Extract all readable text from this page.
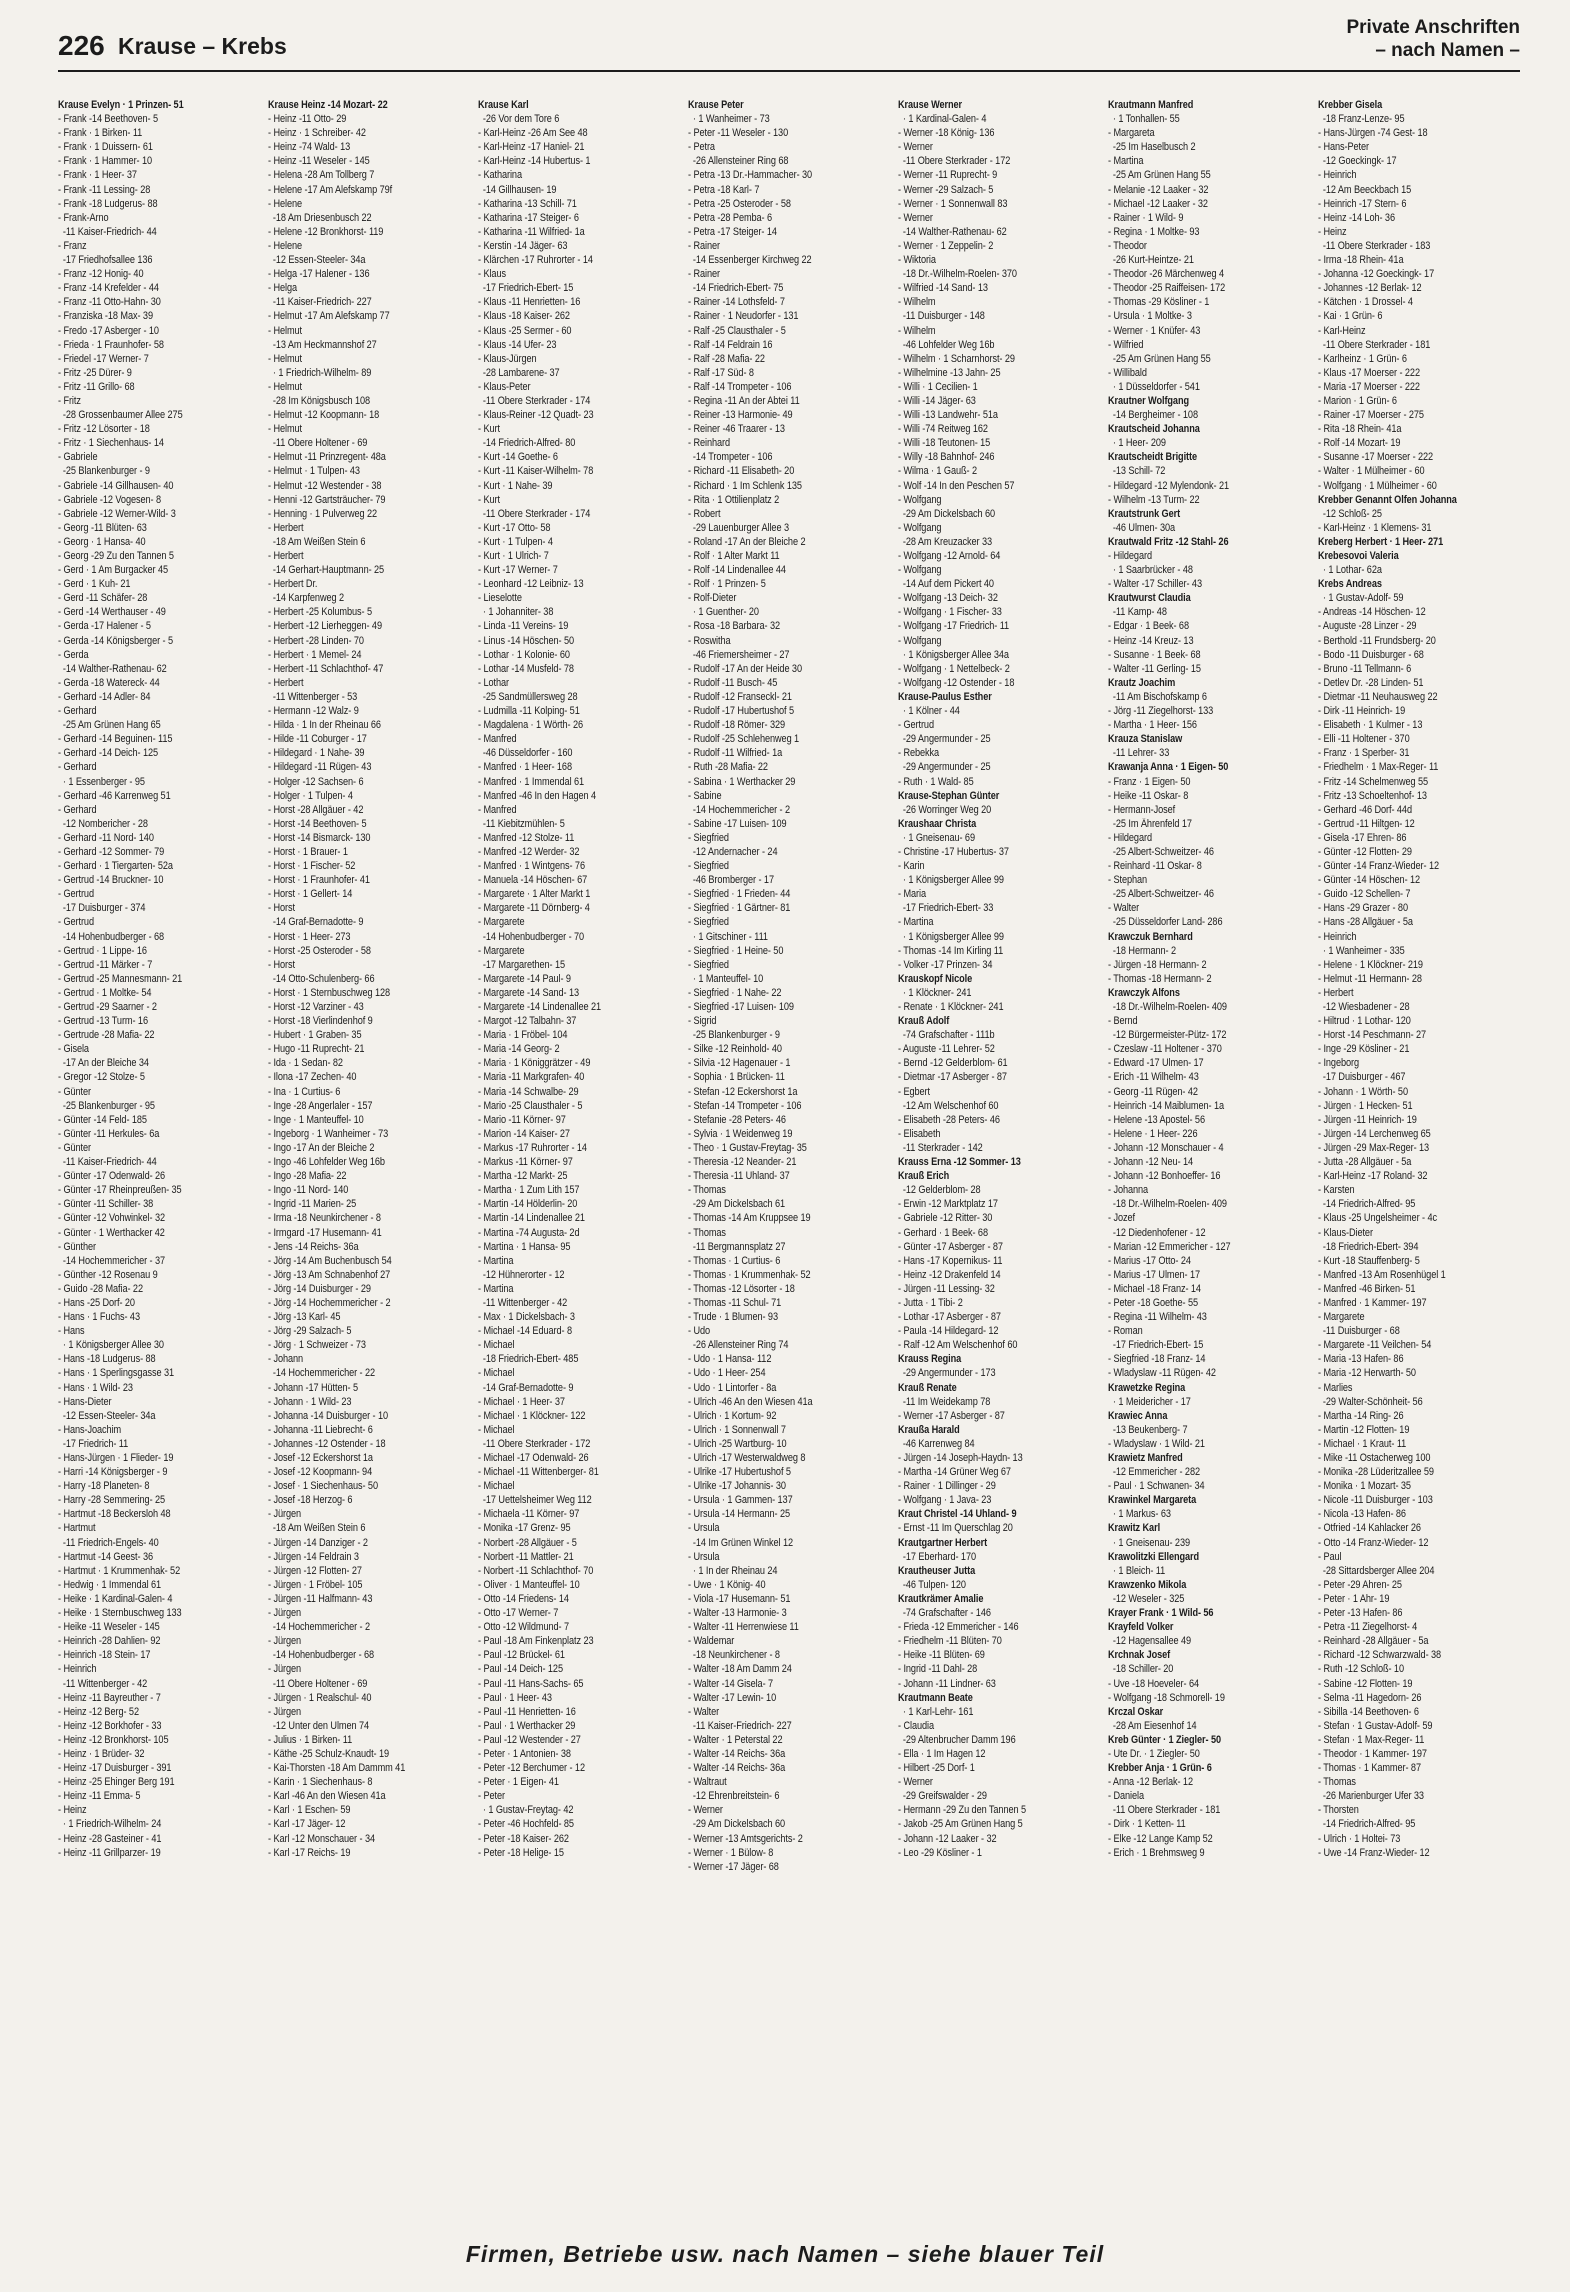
226 Krause – Krebs
Private Anschriften
– nach Namen –
Krause Evelyn · 1 Prinzen- 51
- Frank -14 Beethoven- 5
- Frank · 1 Birken- 11
- Frank · 1 Duissern- 61
- Frank · 1 Hammer- 10
- Frank · 1 Heer- 37
- Frank -11 Lessing- 28
- Frank -18 Ludgerus- 88
- Frank-Arno
-11 Kaiser-Friedrich- 44
- Franz
-17 Friedhofsallee 136
- Franz -12 Honig- 40
- Franz -14 Krefelder - 44
- Franz -11 Otto-Hahn- 30
- Franziska -18 Max- 39
- Fredo -17 Asberger - 10
- Frieda · 1 Fraunhofer- 58
- Friedel -17 Werner- 7
- Fritz -25 Dürer- 9
- Fritz -11 Grillo- 68
- Fritz
-28 Grossenbaumer Allee 275
- Fritz -12 Lösorter - 18
- Fritz · 1 Siechenhaus- 14
- Gabriele
-25 Blankenburger - 9
- Gabriele -14 Gillhausen- 40
- Gabriele -12 Vogesen- 8
- Gabriele -12 Werner-Wild- 3
- Georg -11 Blüten- 63
- Georg · 1 Hansa- 40
- Georg -29 Zu den Tannen 5
- Gerd · 1 Am Burgacker 45
- Gerd · 1 Kuh- 21
- Gerd -11 Schäfer- 28
- Gerd -14 Werthauser - 49
- Gerda -17 Halener - 5
- Gerda -14 Königsberger - 5
- Gerda
-14 Walther-Rathenau- 62
- Gerda -18 Watereck- 44
- Gerhard -14 Adler- 84
- Gerhard
-25 Am Grünen Hang 65
- Gerhard -14 Beguinen- 115
- Gerhard -14 Deich- 125
- Gerhard
· 1 Essenberger - 95
- Gerhard -46 Karrenweg 51
- Gerhard
-12 Nombericher - 28
- Gerhard -11 Nord- 140
- Gerhard -12 Sommer- 79
- Gerhard · 1 Tiergarten- 52a
- Gertrud -14 Bruckner- 10
- Gertrud
-17 Duisburger - 374
- Gertrud
-14 Hohenbudberger - 68
- Gertrud · 1 Lippe- 16
- Gertrud -11 Märker - 7
- Gertrud -25 Mannesmann- 21
- Gertrud · 1 Moltke- 54
- Gertrud -29 Saarner - 2
- Gertrud -13 Turm- 16
- Gertrude -28 Mafia- 22
- Gisela
-17 An der Bleiche 34
- Gregor -12 Stolze- 5
- Günter
-25 Blankenburger - 95
- Günter -14 Feld- 185
- Günter -11 Herkules- 6a
- Günter
-11 Kaiser-Friedrich- 44
- Günter -17 Odenwald- 26
- Günter -17 Rheinpreußen- 35
- Günter -11 Schiller- 38
- Günter -12 Vohwinkel- 32
- Günter · 1 Werthacker 42
- Günther
-14 Hochemmericher - 37
- Günther -12 Rosenau 9
- Guido -28 Mafia- 22
- Hans -25 Dorf- 20
- Hans · 1 Fuchs- 43
- Hans
· 1 Königsberger Allee 30
- Hans -18 Ludgerus- 88
- Hans · 1 Sperlingsgasse 31
- Hans · 1 Wild- 23
- Hans-Dieter
-12 Essen-Steeler- 34a
- Hans-Joachim
-17 Friedrich- 11
- Hans-Jürgen · 1 Flieder- 19
- Harri -14 Königsberger - 9
- Harry -18 Planeten- 8
- Harry -28 Semmering- 25
- Hartmut -18 Beckersloh 48
- Hartmut
-11 Friedrich-Engels- 40
- Hartmut -14 Geest- 36
- Hartmut · 1 Krummenhak- 52
- Hedwig · 1 Immendal 61
- Heike · 1 Kardinal-Galen- 4
- Heike · 1 Sternbuschweg 133
- Heike -11 Weseler - 145
- Heinrich -28 Dahlien- 92
- Heinrich -18 Stein- 17
- Heinrich
-11 Wittenberger - 42
- Heinz -11 Bayreuther - 7
- Heinz -12 Berg- 52
- Heinz -12 Borkhofer - 33
- Heinz -12 Bronkhorst- 105
- Heinz · 1 Brüder- 32
- Heinz -17 Duisburger - 391
- Heinz -25 Ehinger Berg 191
- Heinz -11 Emma- 5
- Heinz
· 1 Friedrich-Wilhelm- 24
- Heinz -28 Gasteiner - 41
- Heinz -11 Grillparzer- 19
Krause Heinz -14 Mozart- 22
- Heinz -11 Otto- 29
- Heinz · 1 Schreiber- 42
- Heinz -74 Wald- 13
- Heinz -11 Weseler - 145
- Helena -28 Am Tollberg 7
- Helene -17 Am Alefskamp 79f
- Helene
-18 Am Driesenbusch 22
- Helene -12 Bronkhorst- 119
- Helene
-12 Essen-Steeler- 34a
- Helga -17 Halener - 136
- Helga
-11 Kaiser-Friedrich- 227
- Helmut -17 Am Alefskamp 77
- Helmut
-13 Am Heckmannshof 27
- Helmut
· 1 Friedrich-Wilhelm- 89
- Helmut
-28 Im Königsbusch 108
- Helmut -12 Koopmann- 18
- Helmut
-11 Obere Holtener - 69
- Helmut -11 Prinzregent- 48a
- Helmut · 1 Tulpen- 43
- Helmut -12 Westender - 38
- Henni -12 Gartsträucher- 79
- Henning · 1 Pulverweg 22
- Herbert
-18 Am Weißen Stein 6
- Herbert
-14 Gerhart-Hauptmann- 25
- Herbert Dr.
-14 Karpfenweg 2
- Herbert -25 Kolumbus- 5
- Herbert -12 Lierheggen- 49
- Herbert -28 Linden- 70
- Herbert · 1 Memel- 24
- Herbert -11 Schlachthof- 47
- Herbert
-11 Wittenberger - 53
- Hermann -12 Walz- 9
- Hilda · 1 In der Rheinau 66
- Hilde -11 Coburger - 17
- Hildegard · 1 Nahe- 39
- Hildegard -11 Rügen- 43
- Holger -12 Sachsen- 6
- Holger · 1 Tulpen- 4
- Horst -28 Allgäuer - 42
- Horst -14 Beethoven- 5
- Horst -14 Bismarck- 130
- Horst · 1 Brauer- 1
- Horst · 1 Fischer- 52
- Horst · 1 Fraunhofer- 41
- Horst · 1 Gellert- 14
- Horst
-14 Graf-Bernadotte- 9
- Horst · 1 Heer- 273
- Horst -25 Osteroder - 58
- Horst
-14 Otto-Schulenberg- 66
- Horst · 1 Sternbuschweg 128
- Horst -12 Varziner - 43
- Horst -18 Vierlindenhof 9
- Hubert · 1 Graben- 35
- Hugo -11 Ruprecht- 21
- Ida · 1 Sedan- 82
- Ilona -17 Zechen- 40
- Ina · 1 Curtius- 6
- Inge -28 Angerlaler - 157
- Inge · 1 Manteuffel- 10
- Ingeborg · 1 Wanheimer - 73
- Ingo -17 An der Bleiche 2
- Ingo -46 Lohfelder Weg 16b
- Ingo -28 Mafia- 22
- Ingo -11 Nord- 140
- Ingrid -11 Marien- 25
- Irma -18 Neunkirchener - 8
- Irmgard -17 Husemann- 41
- Jens -14 Reichs- 36a
- Jörg -14 Am Buchenbusch 54
- Jörg -13 Am Schnabenhof 27
- Jörg -14 Duisburger - 29
- Jörg -14 Hochemmericher - 2
- Jörg -13 Karl- 45
- Jörg -29 Salzach- 5
- Jörg · 1 Schweizer - 73
- Johann
-14 Hochemmericher - 22
- Johann -17 Hütten- 5
- Johann · 1 Wild- 23
- Johanna -14 Duisburger - 10
- Johanna -11 Liebrecht- 6
- Johannes -12 Ostender - 18
- Josef -12 Eckershorst 1a
- Josef -12 Koopmann- 94
- Josef · 1 Siechenhaus- 50
- Josef -18 Herzog- 6
- Jürgen
-18 Am Weißen Stein 6
- Jürgen -14 Danziger - 2
- Jürgen -14 Feldrain 3
- Jürgen -12 Flotten- 27
- Jürgen · 1 Fröbel- 105
- Jürgen -11 Halfmann- 43
- Jürgen
-14 Hochemmericher - 2
- Jürgen
-14 Hohenbudberger - 68
- Jürgen
-11 Obere Holtener - 69
- Jürgen · 1 Realschul- 40
- Jürgen
-12 Unter den Ulmen 74
- Julius · 1 Birken- 11
- Käthe -25 Schulz-Knaudt- 19
- Kai-Thorsten -18 Am Dammm 41
- Karin · 1 Siechenhaus- 8
- Karl -46 An den Wiesen 41a
- Karl · 1 Eschen- 59
- Karl -17 Jäger- 12
- Karl -12 Monschauer - 34
- Karl -17 Reichs- 19
Krause Karl
-26 Vor dem Tore 6
- Karl-Heinz -26 Am See 48
- Karl-Heinz -17 Haniel- 21
- Karl-Heinz -14 Hubertus- 1
- Katharina
-14 Gillhausen- 19
- Katharina -13 Schill- 71
- Katharina -17 Steiger- 6
- Katharina -11 Wilfried- 1a
- Kerstin -14 Jäger- 63
- Klärchen -17 Ruhrorter - 14
- Klaus
-17 Friedrich-Ebert- 15
- Klaus -11 Henrietten- 16
- Klaus -18 Kaiser- 262
- Klaus -25 Sermer - 60
- Klaus -14 Ufer- 23
- Klaus-Jürgen
-28 Lambarene- 37
- Klaus-Peter
-11 Obere Sterkrader - 174
- Klaus-Reiner -12 Quadt- 23
- Kurt
-14 Friedrich-Alfred- 80
- Kurt -14 Goethe- 6
- Kurt -11 Kaiser-Wilhelm- 78
- Kurt · 1 Nahe- 39
- Kurt
-11 Obere Sterkrader - 174
- Kurt -17 Otto- 58
- Kurt · 1 Tulpen- 4
- Kurt · 1 Ulrich- 7
- Kurt -17 Werner- 7
- Leonhard -12 Leibniz- 13
- Lieselotte
· 1 Johanniter- 38
- Linda -11 Vereins- 19
- Linus -14 Höschen- 50
- Lothar · 1 Kolonie- 60
- Lothar -14 Musfeld- 78
- Lothar
-25 Sandmüllersweg 28
- Ludmilla -11 Kolping- 51
- Magdalena · 1 Wörth- 26
- Manfred
-46 Düsseldorfer - 160
- Manfred · 1 Heer- 168
- Manfred · 1 Immendal 61
- Manfred -46 In den Hagen 4
- Manfred
-11 Kiebitzmühlen- 5
- Manfred -12 Stolze- 11
- Manfred -12 Werder- 32
- Manfred · 1 Wintgens- 76
- Manuela -14 Höschen- 67
- Margarete · 1 Alter Markt 1
- Margarete -11 Dörnberg- 4
- Margarete
-14 Hohenbudberger - 70
- Margarete
-17 Margarethen- 15
- Margarete -14 Paul- 9
- Margarete -14 Sand- 13
- Margarete -14 Lindenallee 21
- Margot -12 Talbahn- 37
- Maria · 1 Fröbel- 104
- Maria -14 Georg- 2
- Maria · 1 Königgrätzer - 49
- Maria -11 Markgrafen- 40
- Maria -14 Schwalbe- 29
- Mario -25 Clausthaler - 5
- Mario -11 Körner- 97
- Marion -14 Kaiser- 27
- Markus -17 Ruhrorter - 14
- Markus -11 Körner- 97
- Martha -12 Markt- 25
- Martha · 1 Zum Lith 157
- Martin -14 Hölderlin- 20
- Martin -14 Lindenallee 21
- Martina -74 Augusta- 2d
- Martina · 1 Hansa- 95
- Martina
-12 Hühnerorter - 12
- Martina
-11 Wittenberger - 42
- Max · 1 Dickelsbach- 3
- Michael -14 Eduard- 8
- Michael
-18 Friedrich-Ebert- 485
- Michael
-14 Graf-Bernadotte- 9
- Michael · 1 Heer- 37
- Michael · 1 Klöckner- 122
- Michael
-11 Obere Sterkrader - 172
- Michael -17 Odenwald- 26
- Michael -11 Wittenberger- 81
- Michael
-17 Uettelsheimer Weg 112
- Michaela -11 Körner- 97
- Monika -17 Grenz- 95
- Norbert -28 Allgäuer - 5
- Norbert -11 Mattler- 21
- Norbert -11 Schlachthof- 70
- Oliver · 1 Manteuffel- 10
- Otto -14 Friedens- 14
- Otto -17 Werner- 7
- Otto -12 Wildmund- 7
- Paul -18 Am Finkenplatz 23
- Paul -12 Brückel- 61
- Paul -14 Deich- 125
- Paul -11 Hans-Sachs- 65
- Paul · 1 Heer- 43
- Paul -11 Henrietten- 16
- Paul · 1 Werthacker 29
- Paul -12 Westender - 27
- Peter · 1 Antonien- 38
- Peter -12 Berchumer - 12
- Peter · 1 Eigen- 41
- Peter
· 1 Gustav-Freytag- 42
- Peter -46 Hochfeld- 85
- Peter -18 Kaiser- 262
- Peter -18 Helige- 15
Krause Peter
· 1 Wanheimer - 73
- Peter -11 Weseler - 130
- Petra
-26 Allensteiner Ring 68
- Petra -13 Dr.-Hammacher- 30
- Petra -18 Karl- 7
- Petra -25 Osteroder - 58
- Petra -28 Pemba- 6
- Petra -17 Steiger- 14
- Rainer
-14 Essenberger Kirchweg 22
- Rainer
-14 Friedrich-Ebert- 75
- Rainer -14 Lothsfeld- 7
- Rainer · 1 Neudorfer - 131
- Ralf -25 Clausthaler - 5
- Ralf -14 Feldrain 16
- Ralf -28 Mafia- 22
- Ralf -17 Süd- 8
- Ralf -14 Trompeter - 106
- Regina -11 An der Abtei 11
- Reiner -13 Harmonie- 49
- Reiner -46 Traarer - 13
- Reinhard
-14 Trompeter - 106
- Richard -11 Elisabeth- 20
- Richard · 1 Im Schlenk 135
- Rita · 1 Ottilienplatz 2
- Robert
-29 Lauenburger Allee 3
- Roland -17 An der Bleiche 2
- Rolf · 1 Alter Markt 11
- Rolf -14 Lindenallee 44
- Rolf · 1 Prinzen- 5
- Rolf-Dieter
· 1 Guenther- 20
- Rosa -18 Barbara- 32
- Roswitha
-46 Friemersheimer - 27
- Rudolf -17 An der Heide 30
- Rudolf -11 Busch- 45
- Rudolf -12 Franseckl- 21
- Rudolf -17 Hubertushof 5
- Rudolf -18 Römer- 329
- Rudolf -25 Schlehenweg 1
- Rudolf -11 Wilfried- 1a
- Ruth -28 Mafia- 22
- Sabina · 1 Werthacker 29
- Sabine
-14 Hochemmericher - 2
- Sabine -17 Luisen- 109
- Siegfried
-12 Andernacher - 24
- Siegfried
-46 Bromberger - 17
- Siegfried · 1 Frieden- 44
- Siegfried · 1 Gärtner- 81
- Siegfried
· 1 Gitschiner - 111
- Siegfried · 1 Heine- 50
- Siegfried
· 1 Manteuffel- 10
- Siegfried · 1 Nahe- 22
- Siegfried -17 Luisen- 109
- Sigrid
-25 Blankenburger - 9
- Silke -12 Reinhold- 40
- Silvia -12 Hagenauer - 1
- Sophia · 1 Brücken- 11
- Stefan -12 Eckershorst 1a
- Stefan -14 Trompeter - 106
- Stefanie -28 Peters- 46
- Sylvia · 1 Weidenweg 19
- Theo · 1 Gustav-Freytag- 35
- Theresia -12 Neander- 21
- Theresia -11 Uhland- 37
- Thomas
-29 Am Dickelsbach 61
- Thomas -14 Am Kruppsee 19
- Thomas
-11 Bergmannsplatz 27
- Thomas · 1 Curtius- 6
- Thomas · 1 Krummenhak- 52
- Thomas -12 Lösorter - 18
- Thomas -11 Schul- 71
- Trude · 1 Blumen- 93
- Udo
-26 Allensteiner Ring 74
- Udo · 1 Hansa- 112
- Udo · 1 Heer- 254
- Udo · 1 Lintorfer - 8a
- Ulrich -46 An den Wiesen 41a
- Ulrich · 1 Kortum- 92
- Ulrich · 1 Sonnenwall 7
- Ulrich -25 Wartburg- 10
- Ulrich -17 Westerwaldweg 8
- Ulrike -17 Hubertushof 5
- Ulrike -17 Johannis- 30
- Ursula · 1 Gammen- 137
- Ursula -14 Hermann- 25
- Ursula
-14 Im Grünen Winkel 12
- Ursula
· 1 In der Rheinau 24
- Uwe · 1 König- 40
- Viola -17 Husemann- 51
- Walter -13 Harmonie- 3
- Walter -11 Herrenwiese 11
- Waldemar
-18 Neunkirchener - 8
- Walter -18 Am Damm 24
- Walter -14 Gisela- 7
- Walter -17 Lewin- 10
- Walter
-11 Kaiser-Friedrich- 227
- Walter · 1 Peterstal 22
- Walter -14 Reichs- 36a
- Walter -14 Reichs- 36a
- Waltraut
-12 Ehrenbreitstein- 6
- Werner
-29 Am Dickelsbach 60
- Werner -13 Amtsgerichts- 2
- Werner · 1 Bülow- 8
- Werner -17 Jäger- 68
Krause Werner
· 1 Kardinal-Galen- 4
- Werner -18 König- 136
- Werner
-11 Obere Sterkrader - 172
- Werner -11 Ruprecht- 9
- Werner -29 Salzach- 5
- Werner · 1 Sonnenwall 83
- Werner
-14 Walther-Rathenau- 62
- Werner · 1 Zeppelin- 2
- Wiktoria
-18 Dr.-Wilhelm-Roelen- 370
- Wilfried -14 Sand- 13
- Wilhelm
-11 Duisburger - 148
- Wilhelm
-46 Lohfelder Weg 16b
- Wilhelm · 1 Scharnhorst- 29
- Wilhelmine -13 Jahn- 25
- Willi · 1 Cecilien- 1
- Willi -14 Jäger- 63
- Willi -13 Landwehr- 51a
- Willi -74 Reitweg 162
- Willi -18 Teutonen- 15
- Willy -18 Bahnhof- 246
- Wilma · 1 Gauß- 2
- Wolf -14 In den Peschen 57
- Wolfgang
-29 Am Dickelsbach 60
- Wolfgang
-28 Am Kreuzacker 33
- Wolfgang -12 Arnold- 64
- Wolfgang
-14 Auf dem Pickert 40
- Wolfgang -13 Deich- 32
- Wolfgang · 1 Fischer- 33
- Wolfgang -17 Friedrich- 11
- Wolfgang
· 1 Königsberger Allee 34a
- Wolfgang · 1 Nettelbeck- 2
- Wolfgang -12 Ostender - 18
Krause-Paulus Esther
· 1 Kölner - 44
- Gertrud
-29 Angermunder - 25
- Rebekka
-29 Angermunder - 25
- Ruth · 1 Wald- 85
Krause-Stephan Günter
-26 Worringer Weg 20
Kraushaar Christa
· 1 Gneisenau- 69
- Christine -17 Hubertus- 37
- Karin
· 1 Königsberger Allee 99
- Maria
-17 Friedrich-Ebert- 33
- Martina
· 1 Königsberger Allee 99
- Thomas -14 Im Kirling 11
- Volker -17 Prinzen- 34
Krauskopf Nicole
· 1 Klöckner- 241
- Renate · 1 Klöckner- 241
Krauß Adolf
-74 Grafschafter - 111b
- Auguste -11 Lehrer- 52
- Bernd -12 Gelderblom- 61
- Dietmar -17 Asberger - 87
- Egbert
-12 Am Welschenhof 60
- Elisabeth -28 Peters- 46
- Elisabeth
-11 Sterkrader - 142
Krauss Erna -12 Sommer- 13
Krauß Erich
-12 Gelderblom- 28
- Erwin -12 Marktplatz 17
- Gabriele -12 Ritter- 30
- Gerhard · 1 Beek- 68
- Günter -17 Asberger - 87
- Hans -17 Kopernikus- 11
- Heinz -12 Drakenfeld 14
- Jürgen -11 Lessing- 32
- Jutta · 1 Tibi- 2
- Lothar -17 Asberger - 87
- Paula -14 Hildegard- 12
- Ralf -12 Am Welschenhof 60
Krauss Regina
-29 Angermunder - 173
Krauß Renate
-11 Im Weidekamp 78
- Werner -17 Asberger - 87
Kraußa Harald
-46 Karrenweg 84
- Jürgen -14 Joseph-Haydn- 13
- Martha -14 Grüner Weg 67
- Rainer · 1 Dillinger - 29
- Wolfgang · 1 Java- 23
Kraut Christel -14 Uhland- 9
- Ernst -11 Im Querschlag 20
Krautgartner Herbert
-17 Eberhard- 170
Krautheuser Jutta
-46 Tulpen- 120
Krautkrämer Amalie
-74 Grafschafter - 146
- Frieda -12 Emmericher - 146
- Friedhelm -11 Blüten- 70
- Heike -11 Blüten- 69
- Ingrid -11 Dahl- 28
- Johann -11 Lindner- 63
Krautmann Beate
· 1 Karl-Lehr- 161
- Claudia
-29 Altenbrucher Damm 196
- Ella · 1 Im Hagen 12
- Hilbert -25 Dorf- 1
- Werner
-29 Greifswalder - 29
- Hermann -29 Zu den Tannen 5
- Jakob -25 Am Grünen Hang 5
- Johann -12 Laaker - 32
- Leo -29 Kösliner - 1
Krautmann Manfred
· 1 Tonhallen- 55
- Margareta
-25 Im Haselbusch 2
- Martina
-25 Am Grünen Hang 55
- Melanie -12 Laaker - 32
- Michael -12 Laaker - 32
- Rainer · 1 Wild- 9
- Regina · 1 Moltke- 93
- Theodor
-26 Kurt-Heintze- 21
- Theodor -26 Märchenweg 4
- Theodor -25 Raiffeisen- 172
- Thomas -29 Kösliner - 1
- Ursula · 1 Moltke- 3
- Werner · 1 Knüfer- 43
- Wilfried
-25 Am Grünen Hang 55
- Willibald
· 1 Düsseldorfer - 541
Krautner Wolfgang
-14 Bergheimer - 108
Krautscheid Johanna
· 1 Heer- 209
Krautscheidt Brigitte
-13 Schill- 72
- Hildegard -12 Mylendonk- 21
- Wilhelm -13 Turm- 22
Krautstrunk Gert
-46 Ulmen- 30a
Krautwald Fritz -12 Stahl- 26
- Hildegard
· 1 Saarbrücker - 48
- Walter -17 Schiller- 43
Krautwurst Claudia
-11 Kamp- 48
- Edgar · 1 Beek- 68
- Heinz -14 Kreuz- 13
- Susanne · 1 Beek- 68
- Walter -11 Gerling- 15
Krautz Joachim
-11 Am Bischofskamp 6
- Jörg -11 Ziegelhorst- 133
- Martha · 1 Heer- 156
Krauza Stanislaw
-11 Lehrer- 33
Krawanja Anna · 1 Eigen- 50
- Franz · 1 Eigen- 50
- Heike -11 Oskar- 8
- Hermann-Josef
-25 Im Ährenfeld 17
- Hildegard
-25 Albert-Schweitzer- 46
- Reinhard -11 Oskar- 8
- Stephan
-25 Albert-Schweitzer- 46
- Walter
-25 Düsseldorfer Land- 286
Krawczuk Bernhard
-18 Hermann- 2
- Jürgen -18 Hermann- 2
- Thomas -18 Hermann- 2
Krawczyk Alfons
-18 Dr.-Wilhelm-Roelen- 409
- Bernd
-12 Bürgermeister-Pütz- 172
- Czeslaw -11 Holtener - 370
- Edward -17 Ulmen- 17
- Erich -11 Wilhelm- 43
- Georg -11 Rügen- 42
- Heinrich -14 Maiblumen- 1a
- Helene -13 Apostel- 56
- Helene · 1 Heer- 226
- Johann -12 Monschauer - 4
- Johann -12 Neu- 14
- Johann -12 Bonhoeffer- 16
- Johanna
-18 Dr.-Wilhelm-Roelen- 409
- Jozef
-12 Diedenhofener - 12
- Marian -12 Emmericher - 127
- Marius -17 Otto- 24
- Marius -17 Ulmen- 17
- Michael -18 Franz- 14
- Peter -18 Goethe- 55
- Regina -11 Wilhelm- 43
- Roman
-17 Friedrich-Ebert- 15
- Siegfried -18 Franz- 14
- Wladyslaw -11 Rügen- 42
Krawetzke Regina
· 1 Meidericher - 17
Krawiec Anna
-13 Beukenberg- 7
- Wladyslaw · 1 Wild- 21
Krawietz Manfred
-12 Emmericher - 282
- Paul · 1 Schwanen- 34
Krawinkel Margareta
· 1 Markus- 63
Krawitz Karl
· 1 Gneisenau- 239
Krawolitzki Ellengard
· 1 Bleich- 11
Krawzenko Mikola
-12 Weseler - 325
Krayer Frank · 1 Wild- 56
Krayfeld Volker
-12 Hagensallee 49
Krchnak Josef
-18 Schiller- 20
- Uve -18 Hoeveler- 64
- Wolfgang -18 Schmorell- 19
Krczal Oskar
-28 Am Eiesenhof 14
Kreb Günter · 1 Ziegler- 50
- Ute Dr. · 1 Ziegler- 50
Krebber Anja · 1 Grün- 6
- Anna -12 Berlak- 12
- Daniela
-11 Obere Sterkrader - 181
- Dirk · 1 Ketten- 11
- Elke -12 Lange Kamp 52
- Erich · 1 Brehmsweg 9
Krebber Gisela
-18 Franz-Lenze- 95
- Hans-Jürgen -74 Gest- 18
- Hans-Peter
-12 Goeckingk- 17
- Heinrich
-12 Am Beeckbach 15
- Heinrich -17 Stern- 6
- Heinz -14 Loh- 36
- Heinz
-11 Obere Sterkrader - 183
- Irma -18 Rhein- 41a
- Johanna -12 Goeckingk- 17
- Johannes -12 Berlak- 12
- Kätchen · 1 Drossel- 4
- Kai · 1 Grün- 6
- Karl-Heinz
-11 Obere Sterkrader - 181
- Karlheinz · 1 Grün- 6
- Klaus -17 Moerser - 222
- Maria -17 Moerser - 222
- Marion · 1 Grün- 6
- Rainer -17 Moerser - 275
- Rita -18 Rhein- 41a
- Rolf -14 Mozart- 19
- Susanne -17 Moerser - 222
- Walter · 1 Mülheimer - 60
- Wolfgang · 1 Mülheimer - 60
Krebber Genannt Olfen Johanna
-12 Schloß- 25
- Karl-Heinz · 1 Klemens- 31
Kreberg Herbert · 1 Heer- 271
Krebesovoi Valeria
· 1 Lothar- 62a
Krebs Andreas
· 1 Gustav-Adolf- 59
- Andreas -14 Höschen- 12
- Auguste -28 Linzer - 29
- Berthold -11 Frundsberg- 20
- Bodo -11 Duisburger - 68
- Bruno -11 Tellmann- 6
- Detlev Dr. -28 Linden- 51
- Dietmar -11 Neuhausweg 22
- Dirk -11 Heinrich- 19
- Elisabeth · 1 Kulmer - 13
- Elli -11 Holtener - 370
- Franz · 1 Sperber- 31
- Friedhelm · 1 Max-Reger- 11
- Fritz -14 Schelmenweg 55
- Fritz -13 Schoeltenhof- 13
- Gerhard -46 Dorf- 44d
- Gertrud -11 Hiltgen- 12
- Gisela -17 Ehren- 86
- Günter -12 Flotten- 29
- Günter -14 Franz-Wieder- 12
- Günter -14 Höschen- 12
- Guido -12 Schellen- 7
- Hans -29 Grazer - 80
- Hans -28 Allgäuer - 5a
- Heinrich
· 1 Wanheimer - 335
- Helene · 1 Klöckner- 219
- Helmut -11 Hermann- 28
- Herbert
-12 Wiesbadener - 28
- Hiltrud · 1 Lothar- 120
- Horst -14 Peschmann- 27
- Inge -29 Kösliner - 21
- Ingeborg
-17 Duisburger - 467
- Johann · 1 Wörth- 50
- Jürgen · 1 Hecken- 51
- Jürgen -11 Heinrich- 19
- Jürgen -14 Lerchenweg 65
- Jürgen -29 Max-Reger- 13
- Jutta -28 Allgäuer - 5a
- Karl-Heinz -17 Roland- 32
- Karsten
-14 Friedrich-Alfred- 95
- Klaus -25 Ungelsheimer - 4c
- Klaus-Dieter
-18 Friedrich-Ebert- 394
- Kurt -18 Stauffenberg- 5
- Manfred -13 Am Rosenhügel 1
- Manfred -46 Birken- 51
- Manfred · 1 Kammer- 197
- Margarete
-11 Duisburger - 68
- Margarete -11 Veilchen- 54
- Maria -13 Hafen- 86
- Maria -12 Herwarth- 50
- Marlies
-29 Walter-Schönheit- 56
- Martha -14 Ring- 26
- Martin -12 Flotten- 19
- Michael · 1 Kraut- 11
- Mike -11 Ostacherweg 100
- Monika -28 Lüderitzallee 59
- Monika · 1 Mozart- 35
- Nicole -11 Duisburger - 103
- Nicola -13 Hafen- 86
- Otfried -14 Kahlacker 26
- Otto -14 Franz-Wieder- 12
- Paul
-28 Sittardsberger Allee 204
- Peter -29 Ahren- 25
- Peter · 1 Ahr- 19
- Peter -13 Hafen- 86
- Petra -11 Ziegelhorst- 4
- Reinhard -28 Allgäuer - 5a
- Richard -12 Schwarzwald- 38
- Ruth -12 Schloß- 10
- Sabine -12 Flotten- 19
- Selma -11 Hagedorn- 26
- Sibilla -14 Beethoven- 6
- Stefan · 1 Gustav-Adolf- 59
- Stefan · 1 Max-Reger- 11
- Theodor · 1 Kammer- 197
- Thomas · 1 Kammer- 87
- Thomas
-26 Marienburger Ufer 33
- Thorsten
-14 Friedrich-Alfred- 95
- Ulrich · 1 Holtei- 73
- Uwe -14 Franz-Wieder- 12
Firmen, Betriebe usw. nach Namen – siehe blauer Teil
